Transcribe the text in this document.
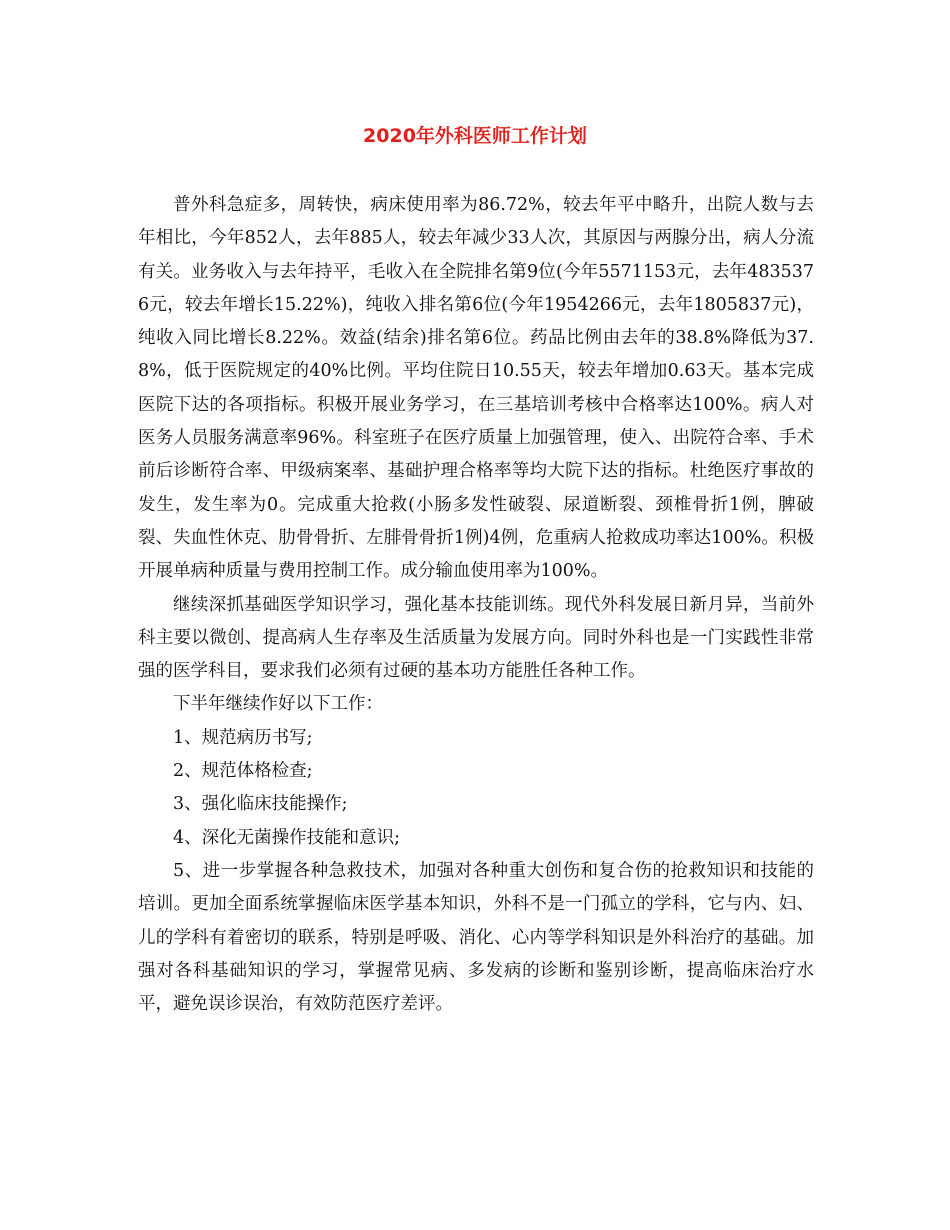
2020年外科医师工作计划

普外科急症多，周转快，病床使用率为86.72%，较去年平中略升，出院人数与去年相比，今年852人，去年885人，较去年减少33人次，其原因与两腺分出，病人分流有关。业务收入与去年持平，毛收入在全院排名第9位(今年5571153元，去年4835376元，较去年增长15.22%)，纯收入排名第6位(今年1954266元，去年1805837元)，纯收入同比增长8.22%。效益(结余)排名第6位。药品比例由去年的38.8%降低为37.8%，低于医院规定的40%比例。平均住院日10.55天，较去年增加0.63天。基本完成医院下达的各项指标。积极开展业务学习，在三基培训考核中合格率达100%。病人对医务人员服务满意率96%。科室班子在医疗质量上加强管理，使入、出院符合率、手术前后诊断符合率、甲级病案率、基础护理合格率等均大院下达的指标。杜绝医疗事故的发生，发生率为0。完成重大抢救(小肠多发性破裂、尿道断裂、颈椎骨折1例，脾破裂、失血性休克、肋骨骨折、左腓骨骨折1例)4例，危重病人抢救成功率达100%。积极开展单病种质量与费用控制工作。成分输血使用率为100%。

继续深抓基础医学知识学习，强化基本技能训练。现代外科发展日新月异，当前外科主要以微创、提高病人生存率及生活质量为发展方向。同时外科也是一门实践性非常强的医学科目，要求我们必须有过硬的基本功方能胜任各种工作。

下半年继续作好以下工作：

1、规范病历书写;

2、规范体格检查;

3、强化临床技能操作;

4、深化无菌操作技能和意识;

5、进一步掌握各种急救技术，加强对各种重大创伤和复合伤的抢救知识和技能的培训。更加全面系统掌握临床医学基本知识，外科不是一门孤立的学科，它与内、妇、儿的学科有着密切的联系，特别是呼吸、消化、心内等学科知识是外科治疗的基础。加强对各科基础知识的学习，掌握常见病、多发病的诊断和鉴别诊断，提高临床治疗水平，避免误诊误治，有效防范医疗差评。
